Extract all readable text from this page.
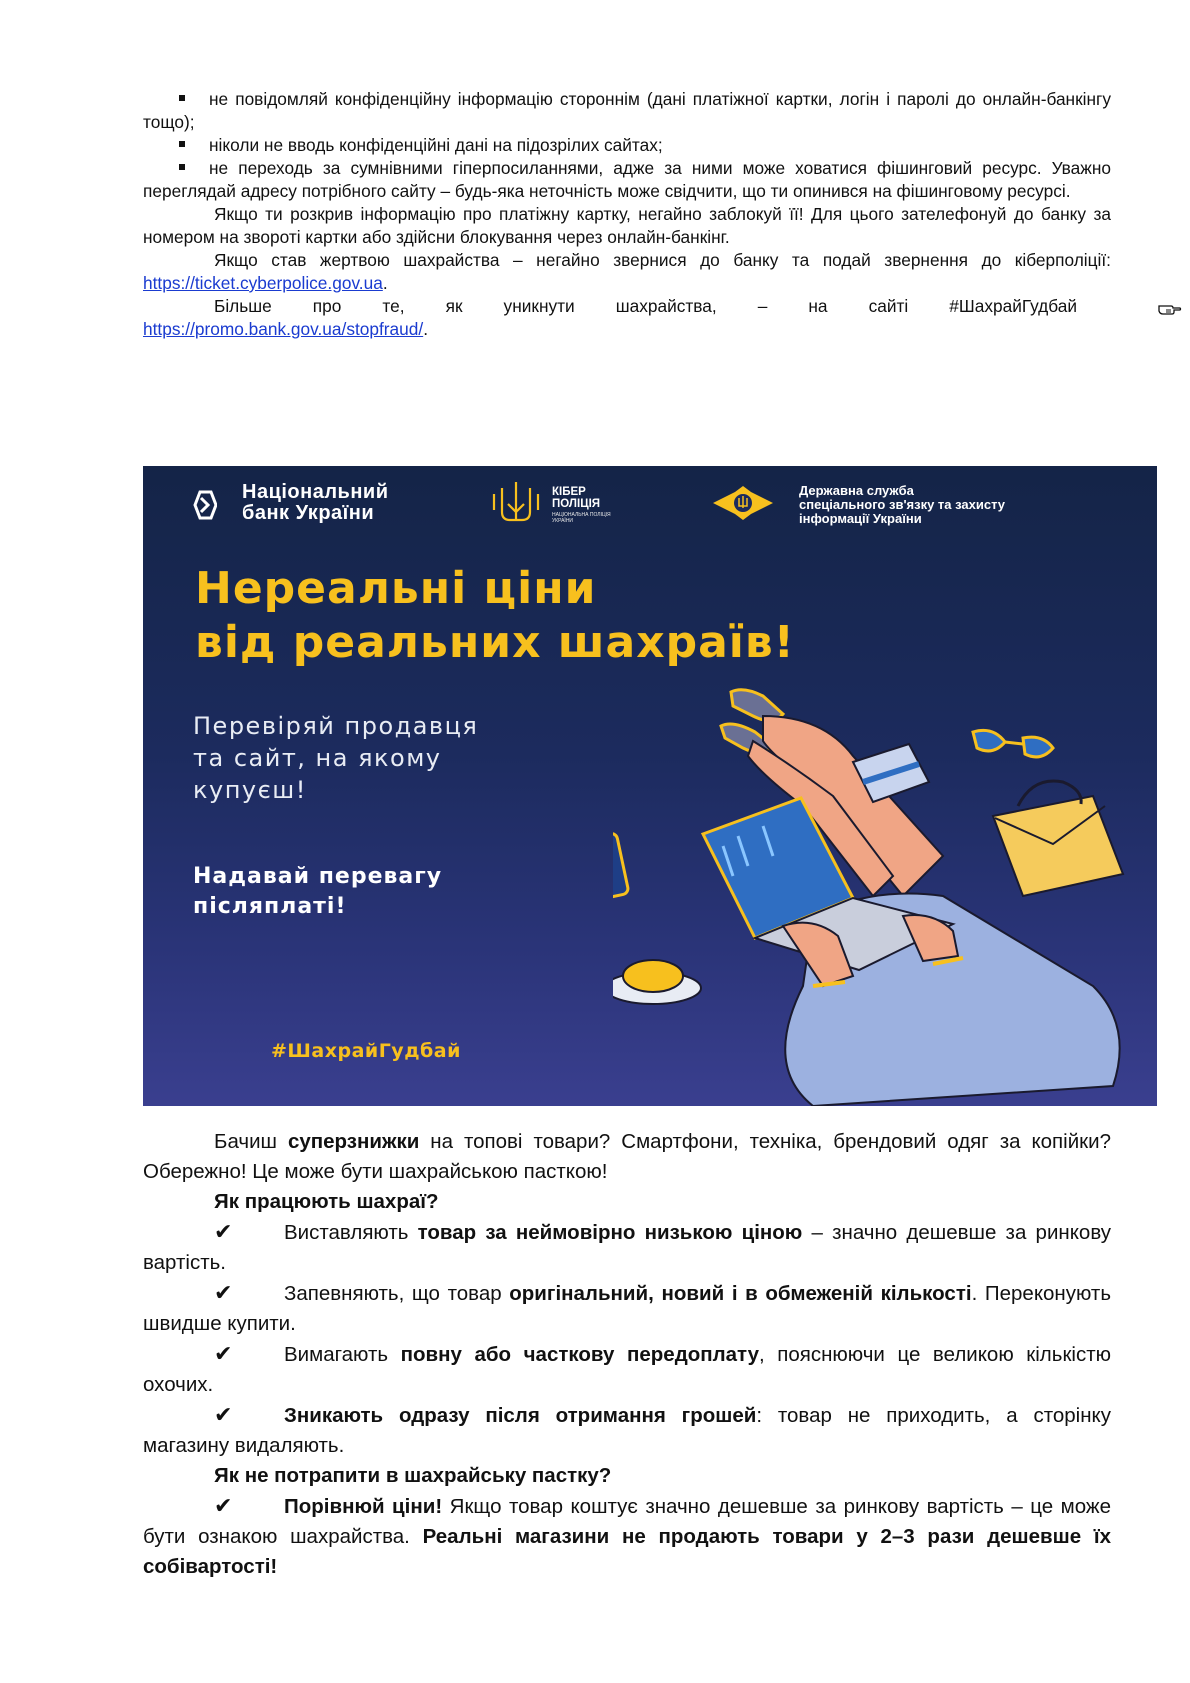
не повідомляй конфіденційну інформацію стороннім (дані платіжної картки, логін і паролі до онлайн-банкінгу тощо);

ніколи не вводь конфіденційні дані на підозрілих сайтах;

не переходь за сумнівними гіперпосиланнями, адже за ними може ховатися фішинговий ресурс. Уважно переглядай адресу потрібного сайту – будь-яка неточність може свідчити, що ти опинився на фішинговому ресурсі.

Якщо ти розкрив інформацію про платіжну картку, негайно заблокуй її! Для цього зателефонуй до банку за номером на звороті картки або здійсни блокування через онлайн-банкінг.

Якщо став жертвою шахрайства – негайно звернися до банку та подай звернення до кіберполіції: https://ticket.cyberpolice.gov.ua.

Більше про те, як уникнути шахрайства, – на сайті #ШахрайГудбай

https://promo.bank.gov.ua/stopfraud/.

Національний
банк України
КІБЕР
ПОЛІЦІЯ
НАЦІОНАЛЬНА ПОЛІЦІЯ УКРАЇНИ
Державна служба
спеціального зв'язку та захисту
інформації України
Нереальні ціни
від реальних шахраїв!
Перевіряй продавця
та сайт, на якому
купуєш!
Надавай перевагу
післяплаті!
#ШахрайГудбай

Бачиш суперзнижки на топові товари? Смартфони, техніка, брендовий одяг за копійки? Обережно! Це може бути шахрайською пасткою!

Як працюють шахраї?

✔	Виставляють товар за неймовірно низькою ціною – значно дешевше за ринкову вартість.

✔	Запевняють, що товар оригінальний, новий і в обмеженій кількості. Переконують швидше купити.

✔	Вимагають повну або часткову передоплату, пояснюючи це великою кількістю охочих.

✔	Зникають одразу після отримання грошей: товар не приходить, а сторінку магазину видаляють.

Як не потрапити в шахрайську пастку?

✔	Порівнюй ціни! Якщо товар коштує значно дешевше за ринкову вартість – це може бути ознакою шахрайства. Реальні магазини не продають товари у 2–3 рази дешевше їх собівартості!
